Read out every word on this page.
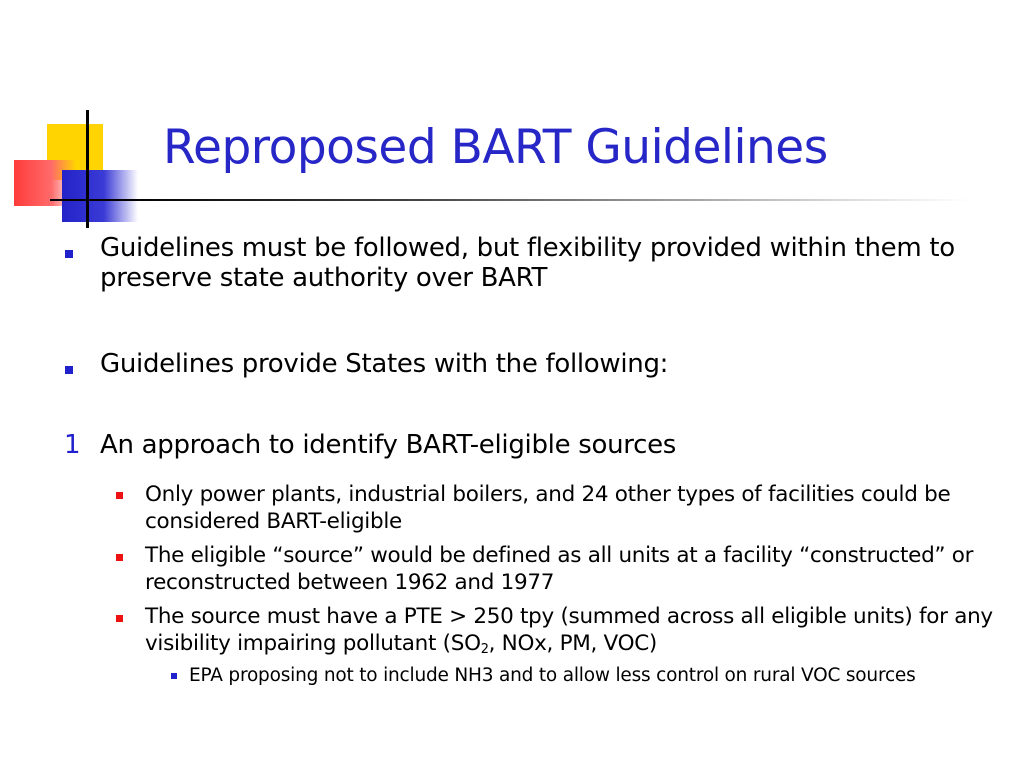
Reproposed BART Guidelines
Guidelines must be followed, but flexibility provided within them to preserve state authority over BART
Guidelines provide States with the following:
1 An approach to identify BART-eligible sources
Only power plants, industrial boilers, and 24 other types of facilities could be considered BART-eligible
The eligible “source” would be defined as all units at a facility “constructed” or reconstructed between 1962 and 1977
The source must have a PTE > 250 tpy (summed across all eligible units) for any visibility impairing pollutant ($SO_2$, NOx, PM, VOC)
EPA proposing not to include NH3 and to allow less control on rural VOC sources
